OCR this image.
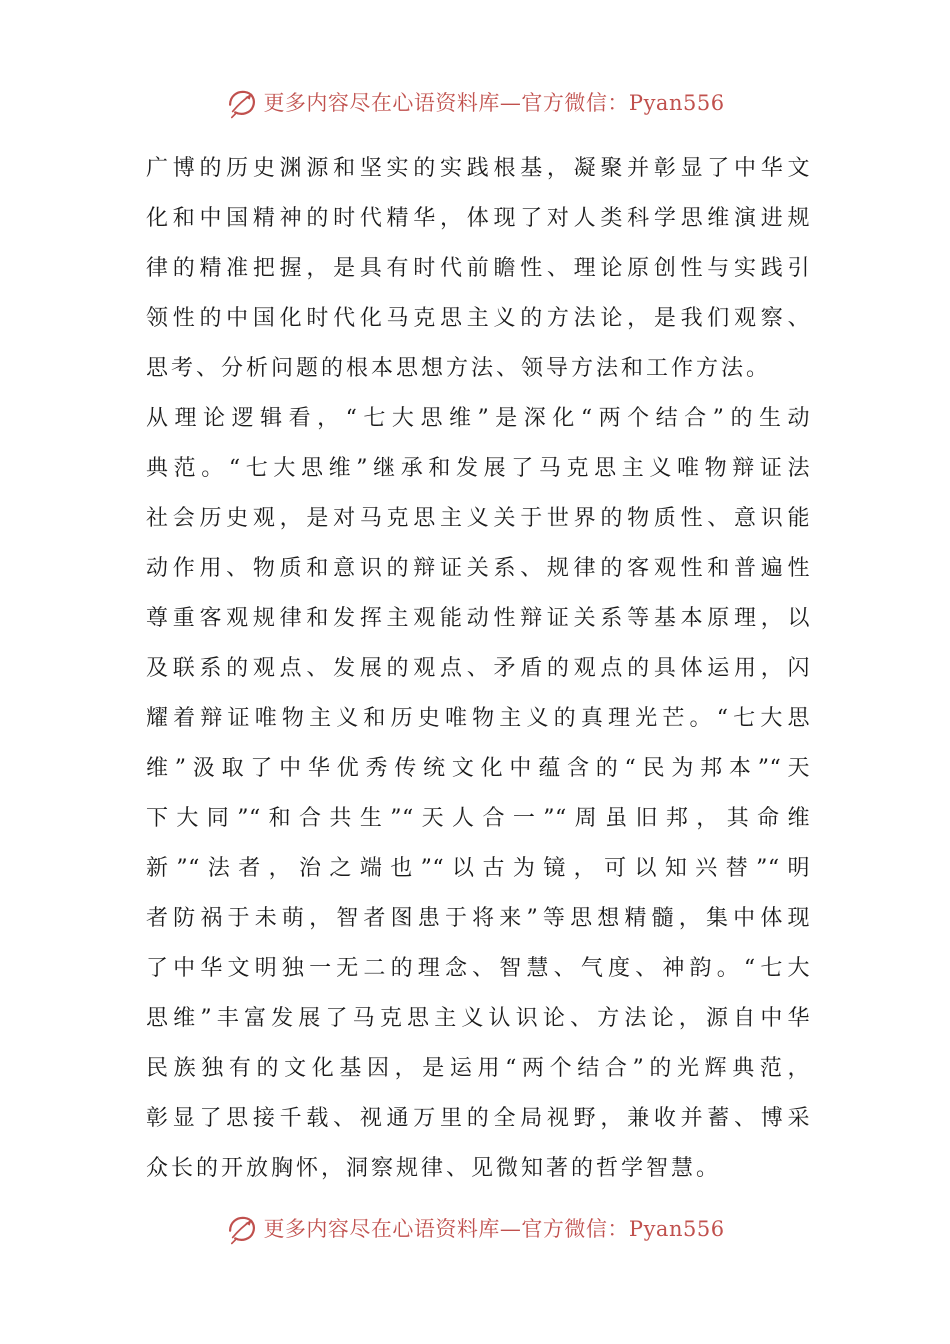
更多内容尽在心语资料库—官方微信：Pyan556
广博的历史渊源和坚实的实践根基，凝聚并彰显了中华文
化和中国精神的时代精华，体现了对人类科学思维演进规
律的精准把握，是具有时代前瞻性、理论原创性与实践引
领性的中国化时代化马克思主义的方法论，是我们观察、
思考、分析问题的根本思想方法、领导方法和工作方法。
从理论逻辑看，“七大思维”是深化“两个结合”的生动
典范。“七大思维”继承和发展了马克思主义唯物辩证法
社会历史观，是对马克思主义关于世界的物质性、意识能
动作用、物质和意识的辩证关系、规律的客观性和普遍性
尊重客观规律和发挥主观能动性辩证关系等基本原理，以
及联系的观点、发展的观点、矛盾的观点的具体运用，闪
耀着辩证唯物主义和历史唯物主义的真理光芒。“七大思
维”汲取了中华优秀传统文化中蕴含的“民为邦本”“天
下大同”“和合共生”“天人合一”“周虽旧邦，其命维
新”“法者，治之端也”“以古为镜，可以知兴替”“明
者防祸于未萌，智者图患于将来”等思想精髓，集中体现
了中华文明独一无二的理念、智慧、气度、神韵。“七大
思维”丰富发展了马克思主义认识论、方法论，源自中华
民族独有的文化基因，是运用“两个结合”的光辉典范，
彰显了思接千载、视通万里的全局视野，兼收并蓄、博采
众长的开放胸怀，洞察规律、见微知著的哲学智慧。
更多内容尽在心语资料库—官方微信：Pyan556
